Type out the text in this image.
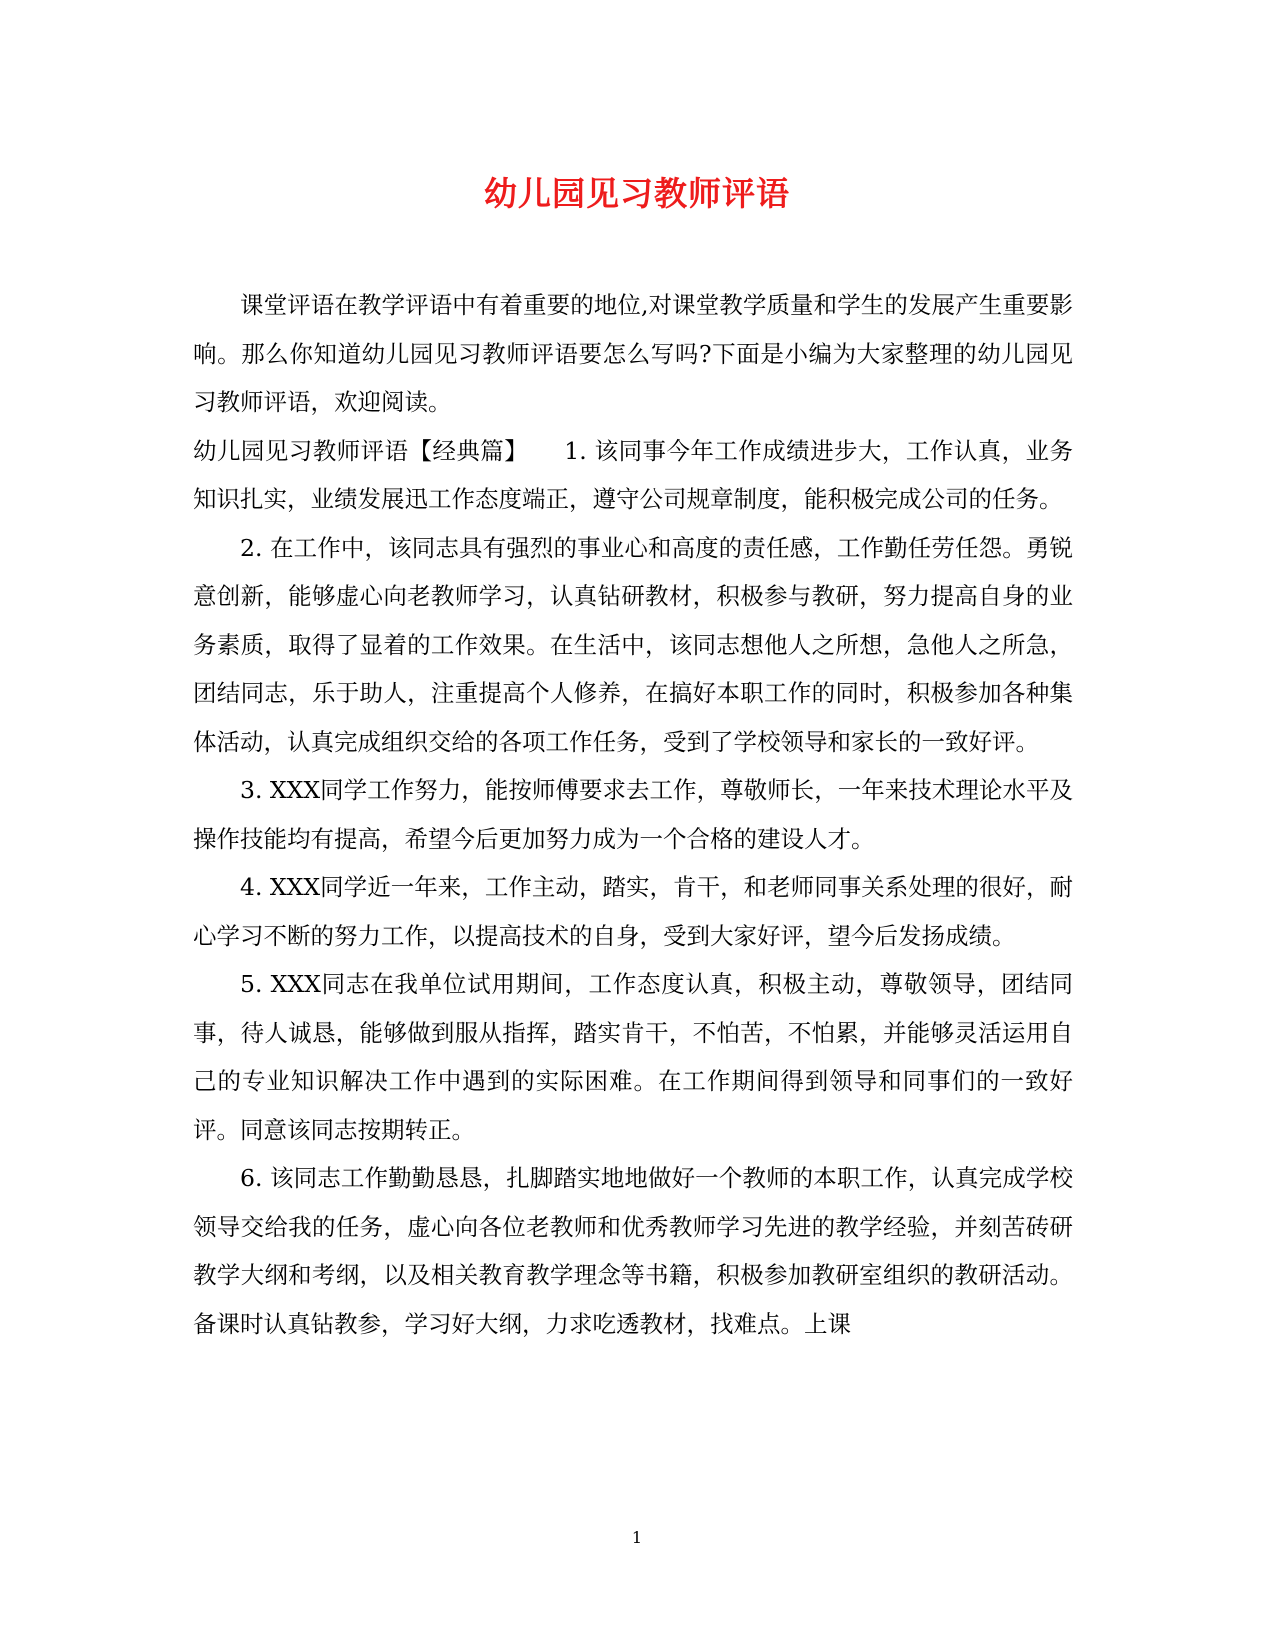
幼儿园见习教师评语

课堂评语在教学评语中有着重要的地位,对课堂教学质量和学生的发展产生重要影响。那么你知道幼儿园见习教师评语要怎么写吗?下面是小编为大家整理的幼儿园见习教师评语，欢迎阅读。

幼儿园见习教师评语【经典篇】　　1. 该同事今年工作成绩进步大，工作认真，业务知识扎实，业绩发展迅工作态度端正，遵守公司规章制度，能积极完成公司的任务。

2. 在工作中，该同志具有强烈的事业心和高度的责任感，工作勤任劳任怨。勇锐意创新，能够虚心向老教师学习，认真钻研教材，积极参与教研，努力提高自身的业务素质，取得了显着的工作效果。在生活中，该同志想他人之所想，急他人之所急，团结同志，乐于助人，注重提高个人修养，在搞好本职工作的同时，积极参加各种集体活动，认真完成组织交给的各项工作任务，受到了学校领导和家长的一致好评。

3. XXX同学工作努力，能按师傅要求去工作，尊敬师长，一年来技术理论水平及操作技能均有提高，希望今后更加努力成为一个合格的建设人才。

4. XXX同学近一年来，工作主动，踏实，肯干，和老师同事关系处理的很好，耐心学习不断的努力工作，以提高技术的自身，受到大家好评，望今后发扬成绩。

5. XXX同志在我单位试用期间，工作态度认真，积极主动，尊敬领导，团结同事，待人诚恳，能够做到服从指挥，踏实肯干，不怕苦，不怕累，并能够灵活运用自己的专业知识解决工作中遇到的实际困难。在工作期间得到领导和同事们的一致好评。同意该同志按期转正。

6. 该同志工作勤勤恳恳，扎脚踏实地地做好一个教师的本职工作，认真完成学校领导交给我的任务，虚心向各位老教师和优秀教师学习先进的教学经验，并刻苦砖研教学大纲和考纲，以及相关教育教学理念等书籍，积极参加教研室组织的教研活动。备课时认真钻教参，学习好大纲，力求吃透教材，找难点。上课

1
